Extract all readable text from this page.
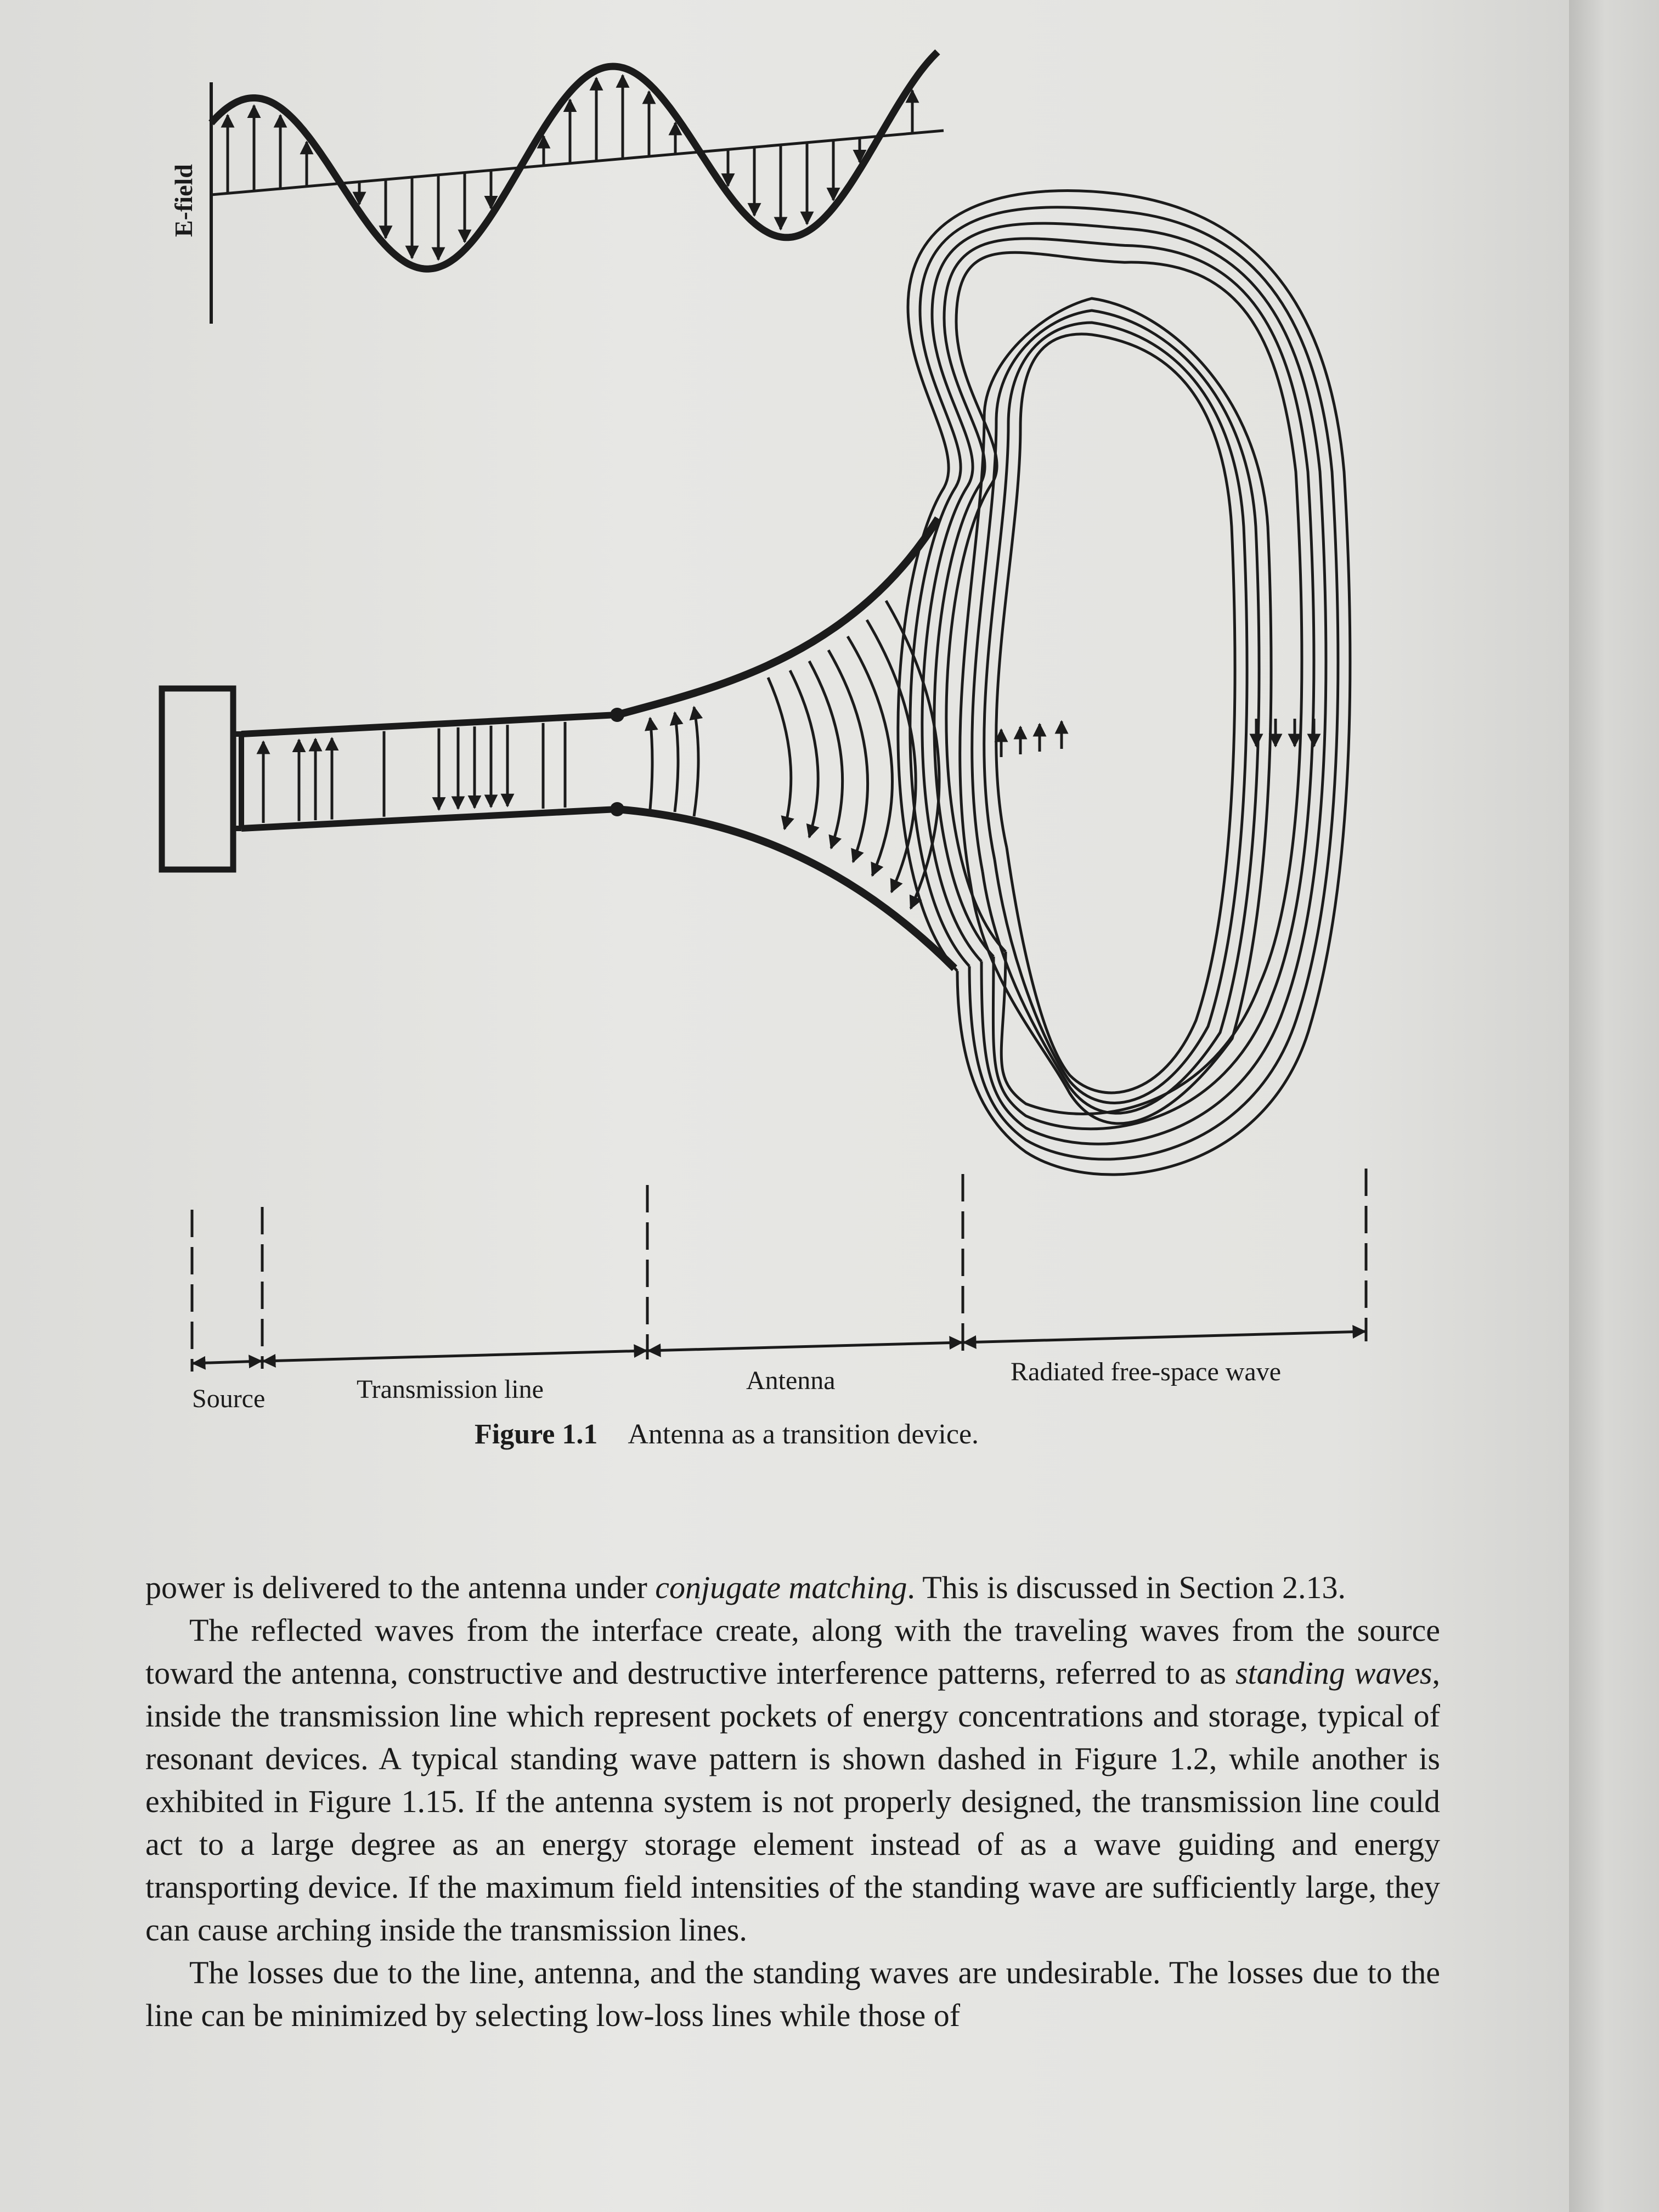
E-field
Source	Transmission line	Antenna	Radiated free-space wave
Figure 1.1 Antenna as a transition device.

power is delivered to the antenna under conjugate matching. This is discussed in Section 2.13.

The reflected waves from the interface create, along with the traveling waves from the source toward the antenna, constructive and destructive interference patterns, referred to as standing waves, inside the transmission line which represent pockets of energy concentrations and storage, typical of resonant devices. A typical standing wave pattern is shown dashed in Figure 1.2, while another is exhibited in Figure 1.15. If the antenna system is not properly designed, the transmission line could act to a large degree as an energy storage element instead of as a wave guiding and energy transporting device. If the maximum field intensities of the standing wave are sufficiently large, they can cause arching inside the transmission lines.

The losses due to the line, antenna, and the standing waves are undesirable. The losses due to the line can be minimized by selecting low-loss lines while those of
